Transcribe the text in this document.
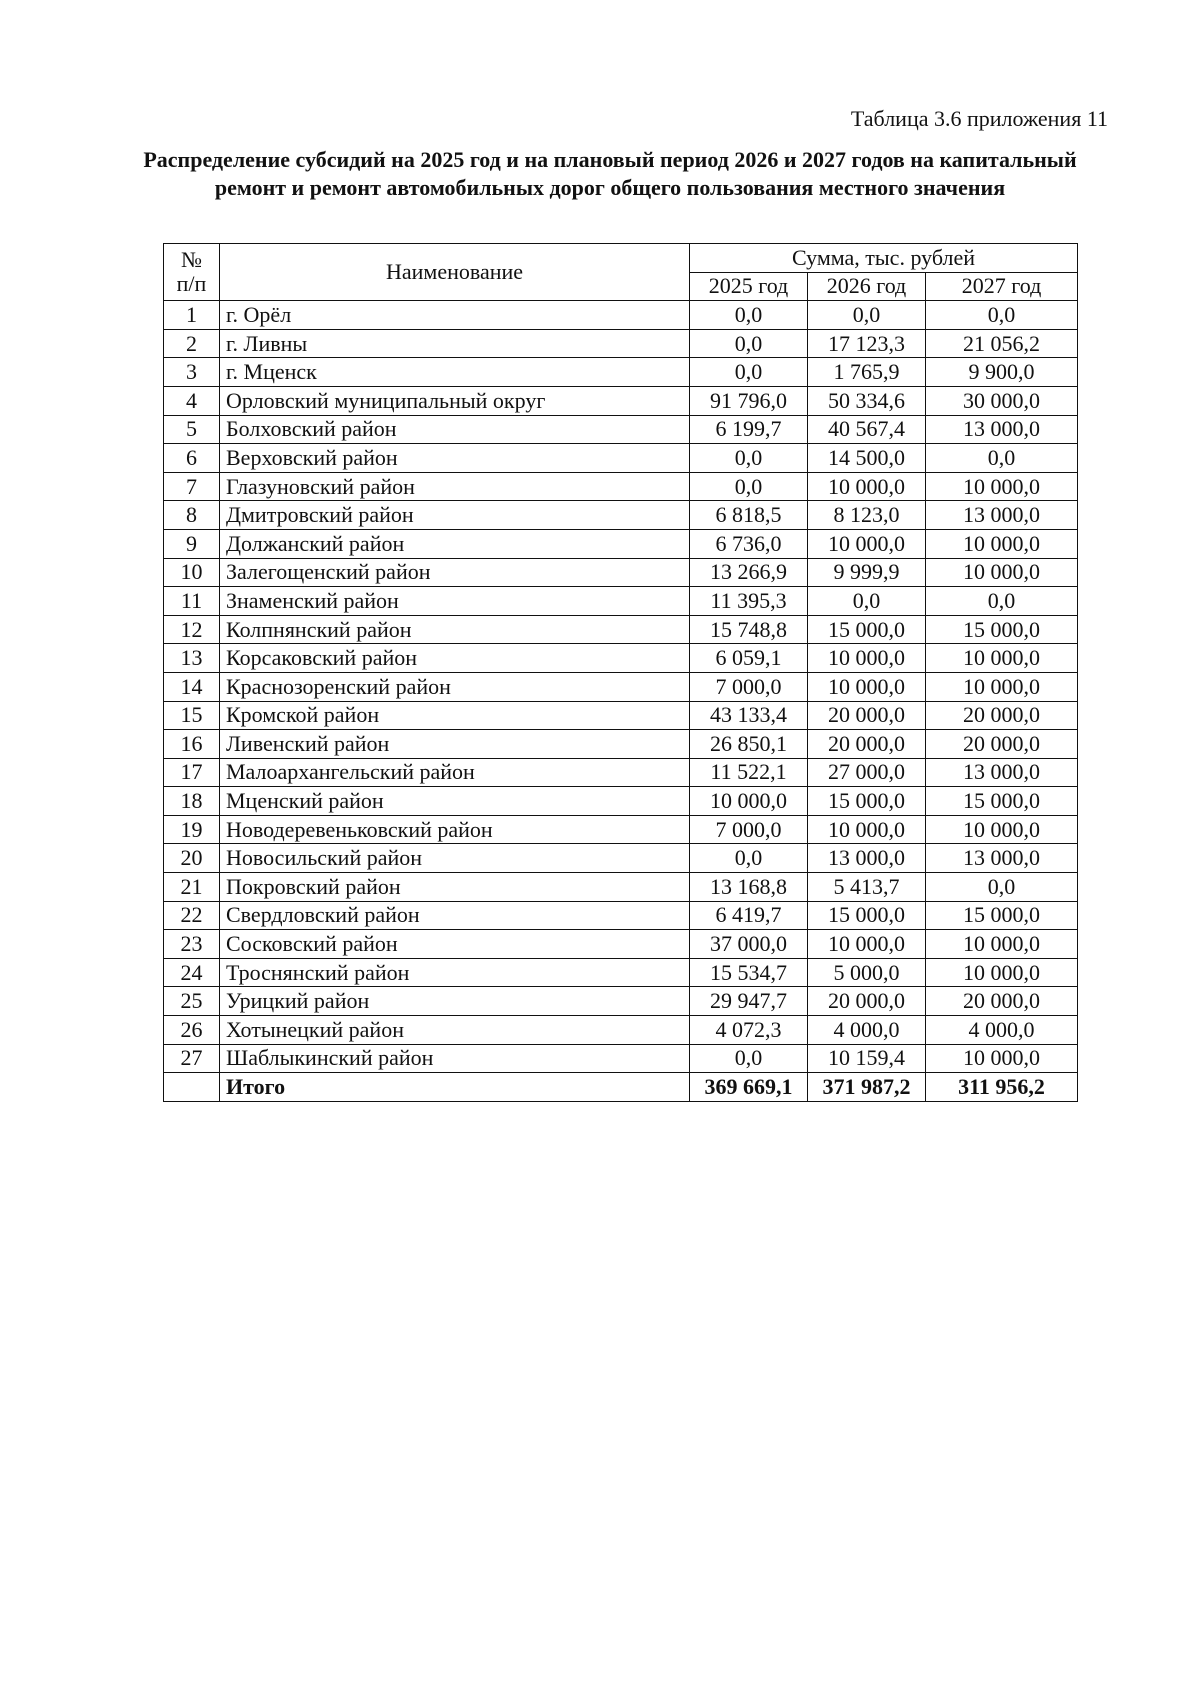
Таблица 3.6 приложения 11
Распределение субсидий на 2025 год и на плановый период 2026 и 2027 годов на капитальный ремонт и ремонт автомобильных дорог общего пользования местного значения
№
п/п	Наименование	Сумма, тыс. рублей		
		2025 год	2026 год	2027 год
1	г. Орёл	0,0	0,0	0,0
2	г. Ливны	0,0	17 123,3	21 056,2
3	г. Мценск	0,0	1 765,9	9 900,0
4	Орловский муниципальный округ	91 796,0	50 334,6	30 000,0
5	Болховский район	6 199,7	40 567,4	13 000,0
6	Верховский район	0,0	14 500,0	0,0
7	Глазуновский район	0,0	10 000,0	10 000,0
8	Дмитровский район	6 818,5	8 123,0	13 000,0
9	Должанский район	6 736,0	10 000,0	10 000,0
10	Залегощенский район	13 266,9	9 999,9	10 000,0
11	Знаменский район	11 395,3	0,0	0,0
12	Колпнянский район	15 748,8	15 000,0	15 000,0
13	Корсаковский район	6 059,1	10 000,0	10 000,0
14	Краснозоренский район	7 000,0	10 000,0	10 000,0
15	Кромской район	43 133,4	20 000,0	20 000,0
16	Ливенский район	26 850,1	20 000,0	20 000,0
17	Малоархангельский район	11 522,1	27 000,0	13 000,0
18	Мценский район	10 000,0	15 000,0	15 000,0
19	Новодеревеньковский район	7 000,0	10 000,0	10 000,0
20	Новосильский район	0,0	13 000,0	13 000,0
21	Покровский район	13 168,8	5 413,7	0,0
22	Свердловский район	6 419,7	15 000,0	15 000,0
23	Сосковский район	37 000,0	10 000,0	10 000,0
24	Троснянский район	15 534,7	5 000,0	10 000,0
25	Урицкий район	29 947,7	20 000,0	20 000,0
26	Хотынецкий район	4 072,3	4 000,0	4 000,0
27	Шаблыкинский район	0,0	10 159,4	10 000,0
	Итого	369 669,1	371 987,2	311 956,2
